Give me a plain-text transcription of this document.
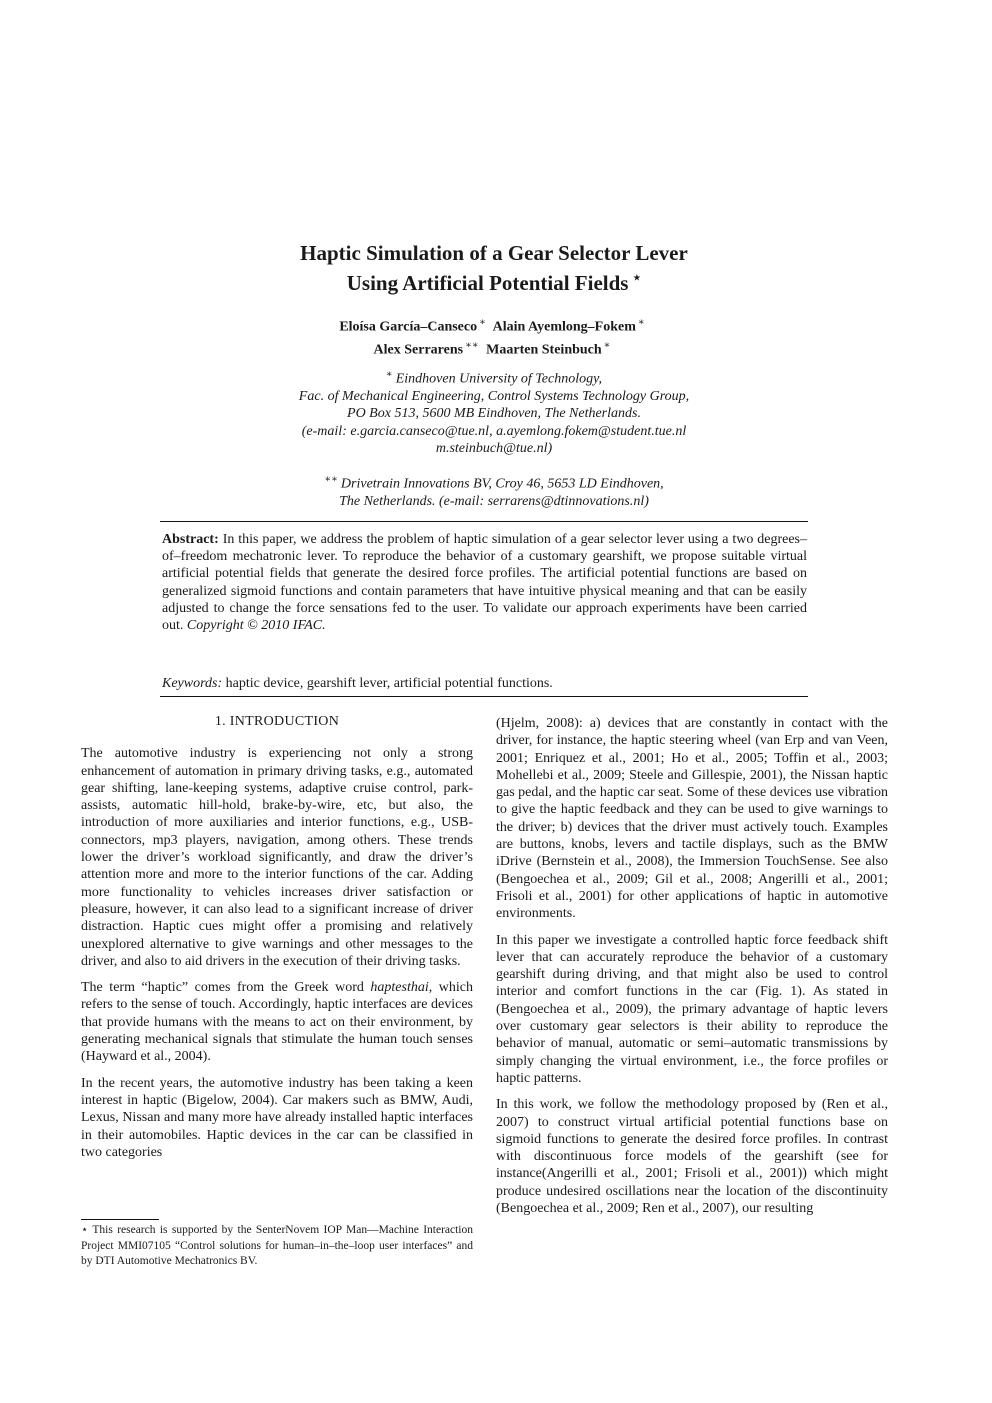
Haptic Simulation of a Gear Selector Lever
Using Artificial Potential Fields ⋆
Eloísa García–Canseco ∗ Alain Ayemlong–Fokem ∗
Alex Serrarens ∗∗ Maarten Steinbuch ∗
∗ Eindhoven University of Technology,
Fac. of Mechanical Engineering, Control Systems Technology Group,
PO Box 513, 5600 MB Eindhoven, The Netherlands.
(e-mail: e.garcia.canseco@tue.nl, a.ayemlong.fokem@student.tue.nl
m.steinbuch@tue.nl)
∗∗ Drivetrain Innovations BV, Croy 46, 5653 LD Eindhoven,
The Netherlands. (e-mail: serrarens@dtinnovations.nl)
Abstract: In this paper, we address the problem of haptic simulation of a gear selector lever using a two degrees–of–freedom mechatronic lever. To reproduce the behavior of a customary gearshift, we propose suitable virtual artificial potential fields that generate the desired force profiles. The artificial potential functions are based on generalized sigmoid functions and contain parameters that have intuitive physical meaning and that can be easily adjusted to change the force sensations fed to the user. To validate our approach experiments have been carried out. Copyright © 2010 IFAC.
Keywords: haptic device, gearshift lever, artificial potential functions.
1. INTRODUCTION

The automotive industry is experiencing not only a strong enhancement of automation in primary driving tasks, e.g., automated gear shifting, lane-keeping systems, adaptive cruise control, park-assists, automatic hill-hold, brake-by-wire, etc, but also, the introduction of more auxiliaries and interior functions, e.g., USB-connectors, mp3 players, navigation, among others. These trends lower the driver’s workload significantly, and draw the driver’s attention more and more to the interior functions of the car. Adding more functionality to vehicles increases driver satisfaction or pleasure, however, it can also lead to a significant increase of driver distraction. Haptic cues might offer a promising and relatively unexplored alternative to give warnings and other messages to the driver, and also to aid drivers in the execution of their driving tasks.

The term “haptic” comes from the Greek word haptesthai, which refers to the sense of touch. Accordingly, haptic interfaces are devices that provide humans with the means to act on their environment, by generating mechanical signals that stimulate the human touch senses (Hayward et al., 2004).

In the recent years, the automotive industry has been taking a keen interest in haptic (Bigelow, 2004). Car makers such as BMW, Audi, Lexus, Nissan and many more have already installed haptic interfaces in their automobiles. Haptic devices in the car can be classified in two categories

(Hjelm, 2008): a) devices that are constantly in contact with the driver, for instance, the haptic steering wheel (van Erp and van Veen, 2001; Enriquez et al., 2001; Ho et al., 2005; Toffin et al., 2003; Mohellebi et al., 2009; Steele and Gillespie, 2001), the Nissan haptic gas pedal, and the haptic car seat. Some of these devices use vibration to give the haptic feedback and they can be used to give warnings to the driver; b) devices that the driver must actively touch. Examples are buttons, knobs, levers and tactile displays, such as the BMW iDrive (Bernstein et al., 2008), the Immersion TouchSense. See also (Bengoechea et al., 2009; Gil et al., 2008; Angerilli et al., 2001; Frisoli et al., 2001) for other applications of haptic in automotive environments.

In this paper we investigate a controlled haptic force feedback shift lever that can accurately reproduce the behavior of a customary gearshift during driving, and that might also be used to control interior and comfort functions in the car (Fig. 1). As stated in (Bengoechea et al., 2009), the primary advantage of haptic levers over customary gear selectors is their ability to reproduce the behavior of manual, automatic or semi–automatic transmissions by simply changing the virtual environment, i.e., the force profiles or haptic patterns.

In this work, we follow the methodology proposed by (Ren et al., 2007) to construct virtual artificial potential functions base on sigmoid functions to generate the desired force profiles. In contrast with discontinuous force models of the gearshift (see for instance(Angerilli et al., 2001; Frisoli et al., 2001)) which might produce undesired oscillations near the location of the discontinuity (Bengoechea et al., 2009; Ren et al., 2007), our resulting

⋆ This research is supported by the SenterNovem IOP Man—Machine Interaction Project MMI07105 “Control solutions for human–in–the–loop user interfaces” and by DTI Automotive Mechatronics BV.
